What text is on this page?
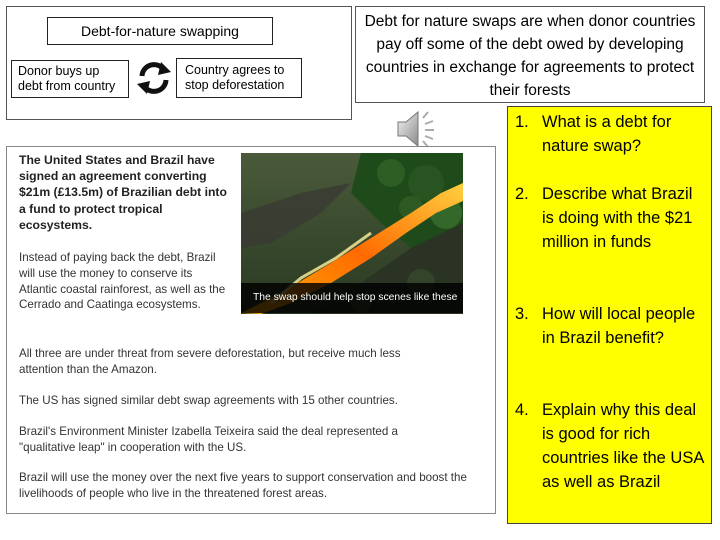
Debt-for-nature swapping
Donor buys up debt from country
Country agrees to stop deforestation
Debt for nature swaps are when donor countries pay off some of the debt owed by developing countries in exchange for agreements to protect their forests
The United States and Brazil have signed an agreement converting $21m (£13.5m) of Brazilian debt into a fund to protect tropical ecosystems.
The swap should help stop scenes like these
Instead of paying back the debt, Brazil will use the money to conserve its Atlantic coastal rainforest, as well as the Cerrado and Caatinga ecosystems.
All three are under threat from severe deforestation, but receive much less attention than the Amazon.
The US has signed similar debt swap agreements with 15 other countries.
Brazil's Environment Minister Izabella Teixeira said the deal represented a "qualitative leap" in cooperation with the US.
Brazil will use the money over the next five years to support conservation and boost the livelihoods of people who live in the threatened forest areas.
1. What is a debt for nature swap?
2. Describe what Brazil is doing with the $21 million in funds
3. How will local people in Brazil benefit?
4. Explain why this deal is good for rich countries like the USA as well as Brazil
